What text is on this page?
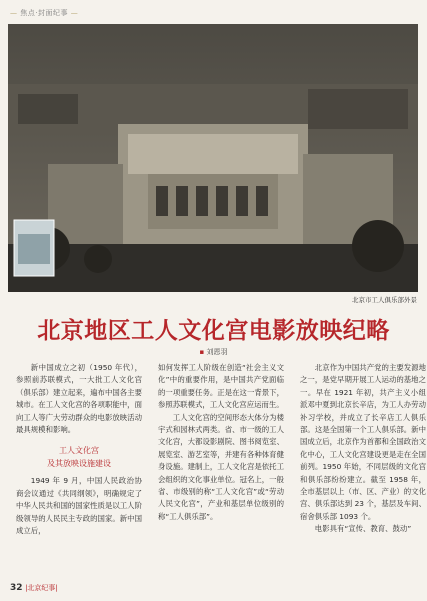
— 焦点·封面纪事 —
北京市工人俱乐部外景
北京地区工人文化宫电影放映纪略
▪ 刘恩羽

新中国成立之初（1950 年代），参照前苏联模式，一大批工人文化宫（俱乐部）建立起来，遍布中国各主要城市。在工人文化宫的各项职能中，面向工人等广大劳动群众的电影放映活动最具规模和影响。

工人文化宫
及其放映设施建设

1949 年 9 月，中国人民政治协商会议通过《共同纲领》，明确规定了中华人民共和国的国家性质是以工人阶级领导的人民民主专政的国家。新中国成立后，

如何发挥工人阶级在创造“社会主义文化”中的重要作用，是中国共产党面临的一项重要任务。正是在这一背景下，参照苏联模式，工人文化宫应运而生。

工人文化宫的空间形态大体分为楼宇式和园林式两类。省、市一级的工人文化宫，大都设影剧院、图书阅览室、展览室、游艺室等，并建有各种体育健身设施。建制上，工人文化宫是依托工会组织的文化事业单位。冠名上，一般省、市级别的称“工人文化宫”或“劳动人民文化宫”，产业和基层单位级别的称“工人俱乐部”。

北京作为中国共产党的主要发源地之一，是党早期开展工人运动的基地之一。早在 1921 年初，共产主义小组派邓中夏到北京长辛店，为工人办劳动补习学校，并成立了长辛店工人俱乐部。这是全国第一个工人俱乐部。新中国成立后，北京作为首都和全国政治文化中心，工人文化宫建设更是走在全国前列。1950 年始，不同层级的文化宫和俱乐部纷纷建立。截至 1958 年，全市基层以上（市、区、产业）的文化宫、俱乐部达到 23 个，基层及车间、宿舍俱乐部 1093 个。

电影具有“宣传、教育、鼓动”

32 |北京纪事|
